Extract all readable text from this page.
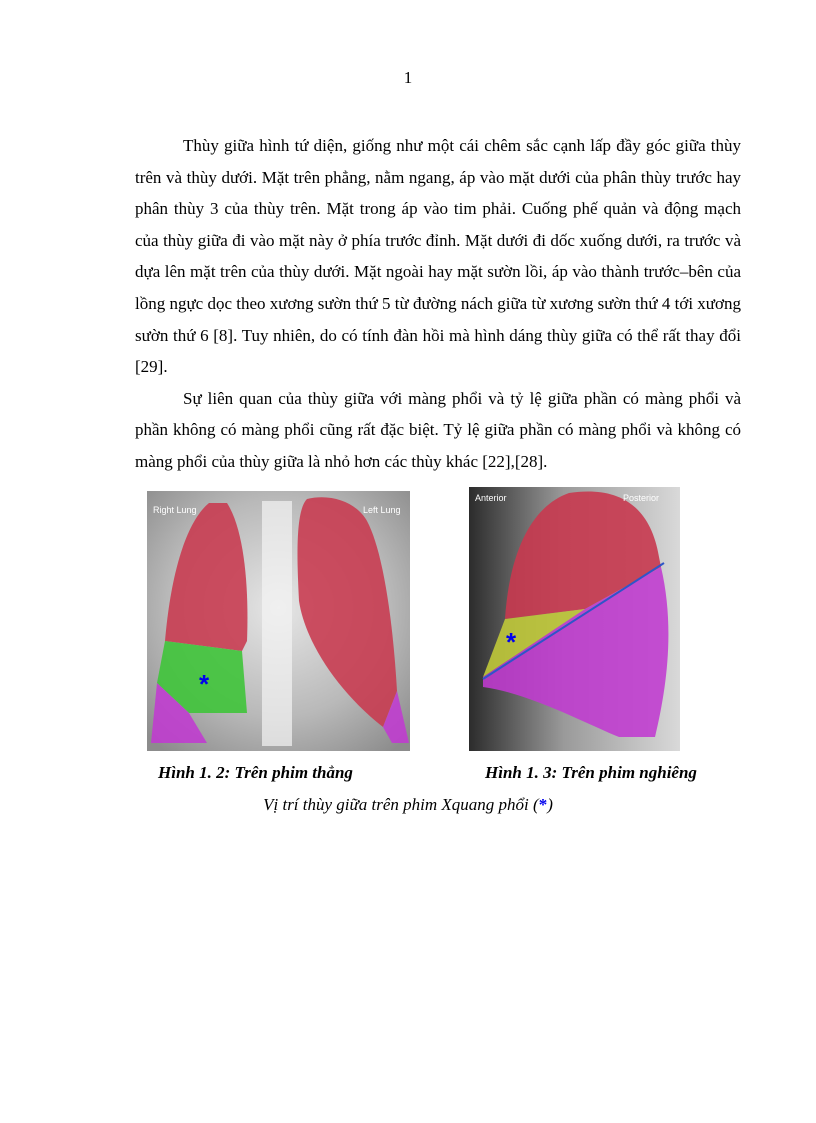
1

Thùy giữa hình tứ diện, giống như một cái chêm sắc cạnh lấp đầy góc giữa thùy trên và thùy dưới. Mặt trên phẳng, nằm ngang, áp vào mặt dưới của phân thùy trước hay phân thùy 3 của thùy trên. Mặt trong áp vào tim phải. Cuống phế quản và động mạch của thùy giữa đi vào mặt này ở phía trước đỉnh. Mặt dưới đi dốc xuống dưới, ra trước và dựa lên mặt trên của thùy dưới. Mặt ngoài hay mặt sườn lồi, áp vào thành trước–bên của lồng ngực dọc theo xương sườn thứ 5 từ đường nách giữa từ xương sườn thứ 4 tới xương sườn thứ 6 [8]. Tuy nhiên, do có tính đàn hồi mà hình dáng thùy giữa có thể rất thay đổi [29].

Sự liên quan của thùy giữa với màng phổi và tỷ lệ giữa phần có màng phổi và phần không có màng phổi cũng rất đặc biệt. Tỷ lệ giữa phần có màng phổi và không có màng phổi của thùy giữa là nhỏ hơn các thùy khác [22],[28].

Right Lung	Left Lung
*
Anterior	Posterior
*
Hình 1. 2: Trên phim thẳng	Hình 1. 3: Trên phim nghiêng
Vị trí thùy giữa trên phim Xquang phổi (*)
